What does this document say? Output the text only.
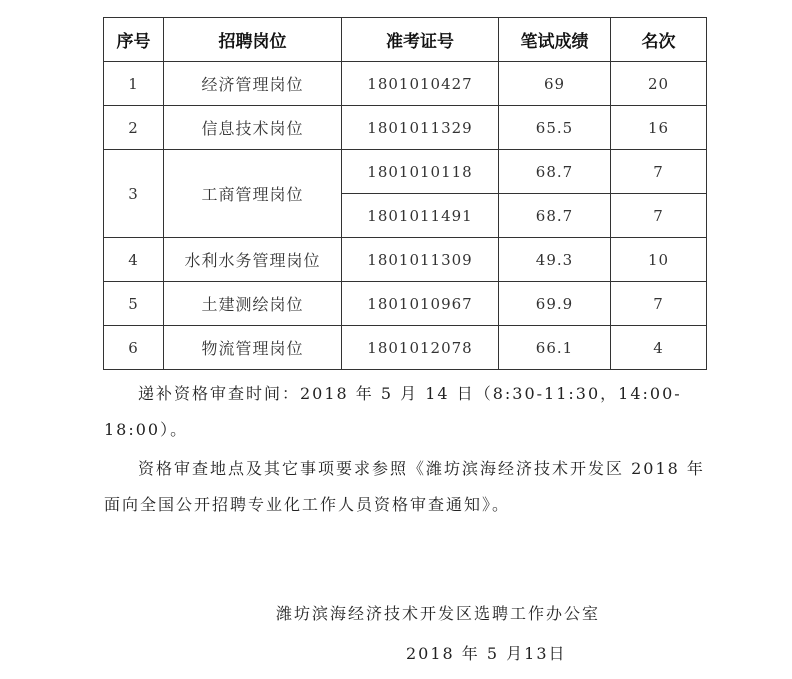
序号	招聘岗位	准考证号	笔试成绩	名次
1	经济管理岗位	1801010427	69	20
2	信息技术岗位	1801011329	65.5	16
3	工商管理岗位	1801010118	68.7	7
		1801011491	68.7	7
4	水利水务管理岗位	1801011309	49.3	10
5	土建测绘岗位	1801010967	69.9	7
6	物流管理岗位	1801012078	66.1	4

递补资格审查时间：2018 年 5 月 14 日（8:30-11:30，14:00-18:00）。

资格审查地点及其它事项要求参照《潍坊滨海经济技术开发区 2018 年面向全国公开招聘专业化工作人员资格审查通知》。

潍坊滨海经济技术开发区选聘工作办公室
2018 年 5 月13日
